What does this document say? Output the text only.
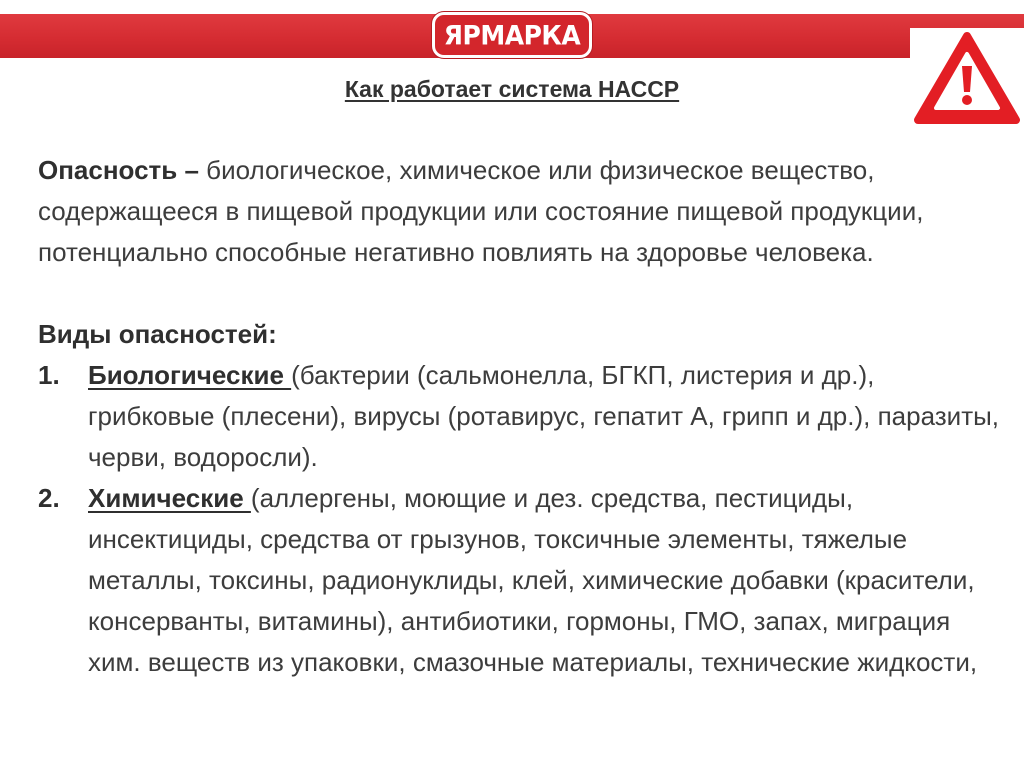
ЯРМАРКА
Как работает система НАССР

Опасность – биологическое, химическое или физическое вещество, содержащееся в пищевой продукции или состояние пищевой продукции, потенциально способные негативно повлиять на здоровье человека.

Виды опасностей:

1.	Биологические (бактерии (сальмонелла, БГКП, листерия и др.), грибковые (плесени), вирусы (ротавирус, гепатит А, грипп и др.), паразиты, черви, водоросли).
2.	Химические (аллергены, моющие и дез. средства, пестициды, инсектициды, средства от грызунов, токсичные элементы, тяжелые металлы, токсины, радионуклиды, клей, химические добавки (красители, консерванты, витамины), антибиотики, гормоны, ГМО, запах, миграция хим. веществ из упаковки, смазочные материалы, технические жидкости,
